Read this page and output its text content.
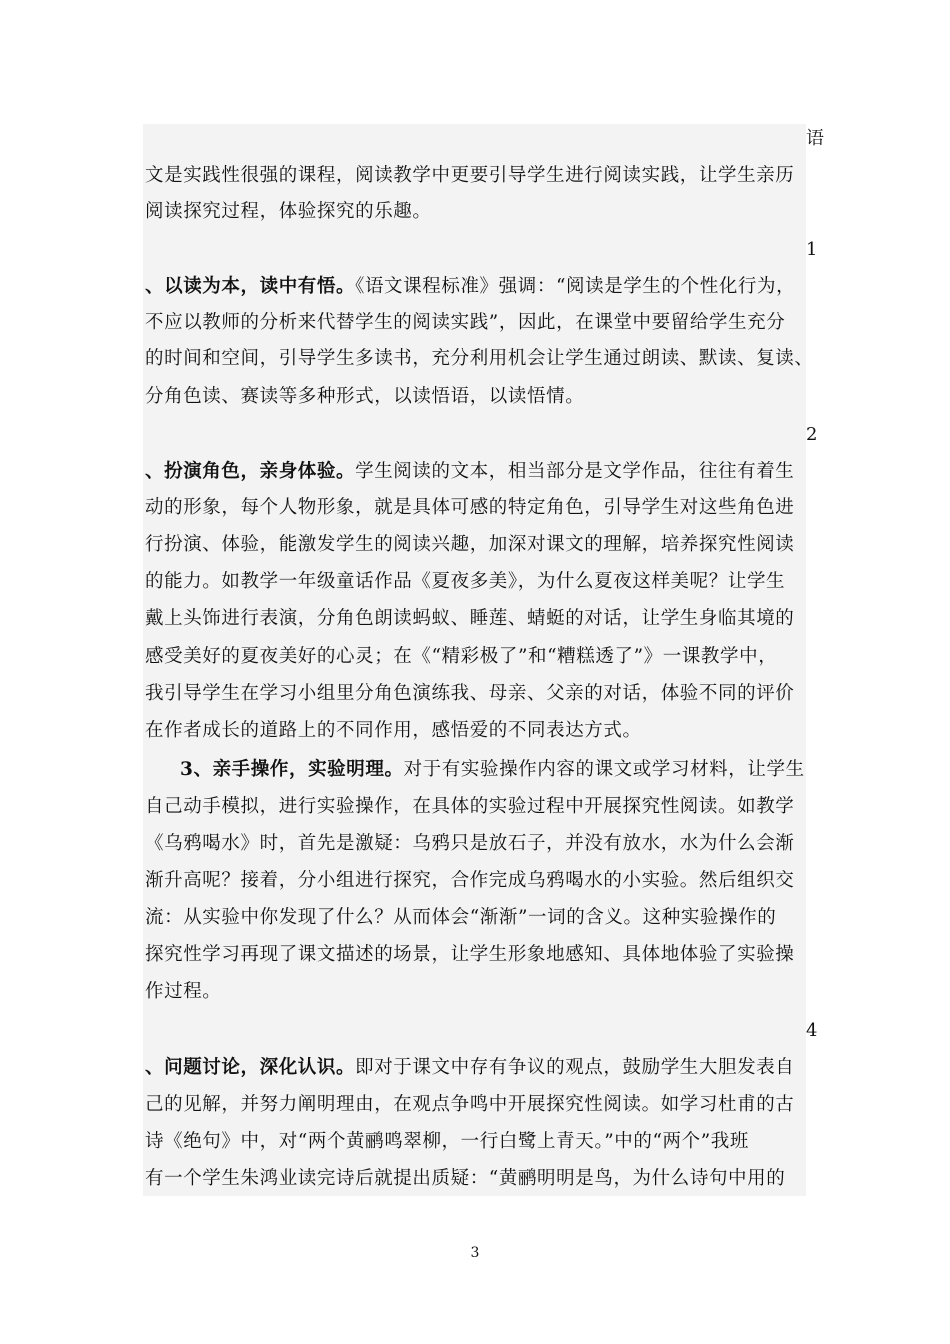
语
文是实践性很强的课程，阅读教学中更要引导学生进行阅读实践，让学生亲历
阅读探究过程，体验探究的乐趣。
1
、以读为本，读中有悟。《语文课程标准》强调：“阅读是学生的个性化行为，
不应以教师的分析来代替学生的阅读实践”，因此，在课堂中要留给学生充分
的时间和空间，引导学生多读书，充分利用机会让学生通过朗读、默读、复读、
分角色读、赛读等多种形式，以读悟语，以读悟情。
2
、扮演角色，亲身体验。学生阅读的文本，相当部分是文学作品，往往有着生
动的形象，每个人物形象，就是具体可感的特定角色，引导学生对这些角色进
行扮演、体验，能激发学生的阅读兴趣，加深对课文的理解，培养探究性阅读
的能力。如教学一年级童话作品《夏夜多美》，为什么夏夜这样美呢？让学生
戴上头饰进行表演，分角色朗读蚂蚁、睡莲、蜻蜓的对话，让学生身临其境的
感受美好的夏夜美好的心灵；在《“精彩极了”和“糟糕透了”》一课教学中，
我引导学生在学习小组里分角色演练我、母亲、父亲的对话，体验不同的评价
在作者成长的道路上的不同作用，感悟爱的不同表达方式。
3、亲手操作，实验明理。对于有实验操作内容的课文或学习材料，让学生
自己动手模拟，进行实验操作，在具体的实验过程中开展探究性阅读。如教学
《乌鸦喝水》时，首先是激疑：乌鸦只是放石子，并没有放水，水为什么会渐
渐升高呢？接着，分小组进行探究，合作完成乌鸦喝水的小实验。然后组织交
流：从实验中你发现了什么？从而体会“渐渐”一词的含义。这种实验操作的
探究性学习再现了课文描述的场景，让学生形象地感知、具体地体验了实验操
作过程。
4
、问题讨论，深化认识。即对于课文中存有争议的观点，鼓励学生大胆发表自
己的见解，并努力阐明理由，在观点争鸣中开展探究性阅读。如学习杜甫的古
诗《绝句》中，对“两个黄鹂鸣翠柳，一行白鹭上青天。”中的“两个”我班
有一个学生朱鸿业读完诗后就提出质疑：“黄鹂明明是鸟，为什么诗句中用的
3
